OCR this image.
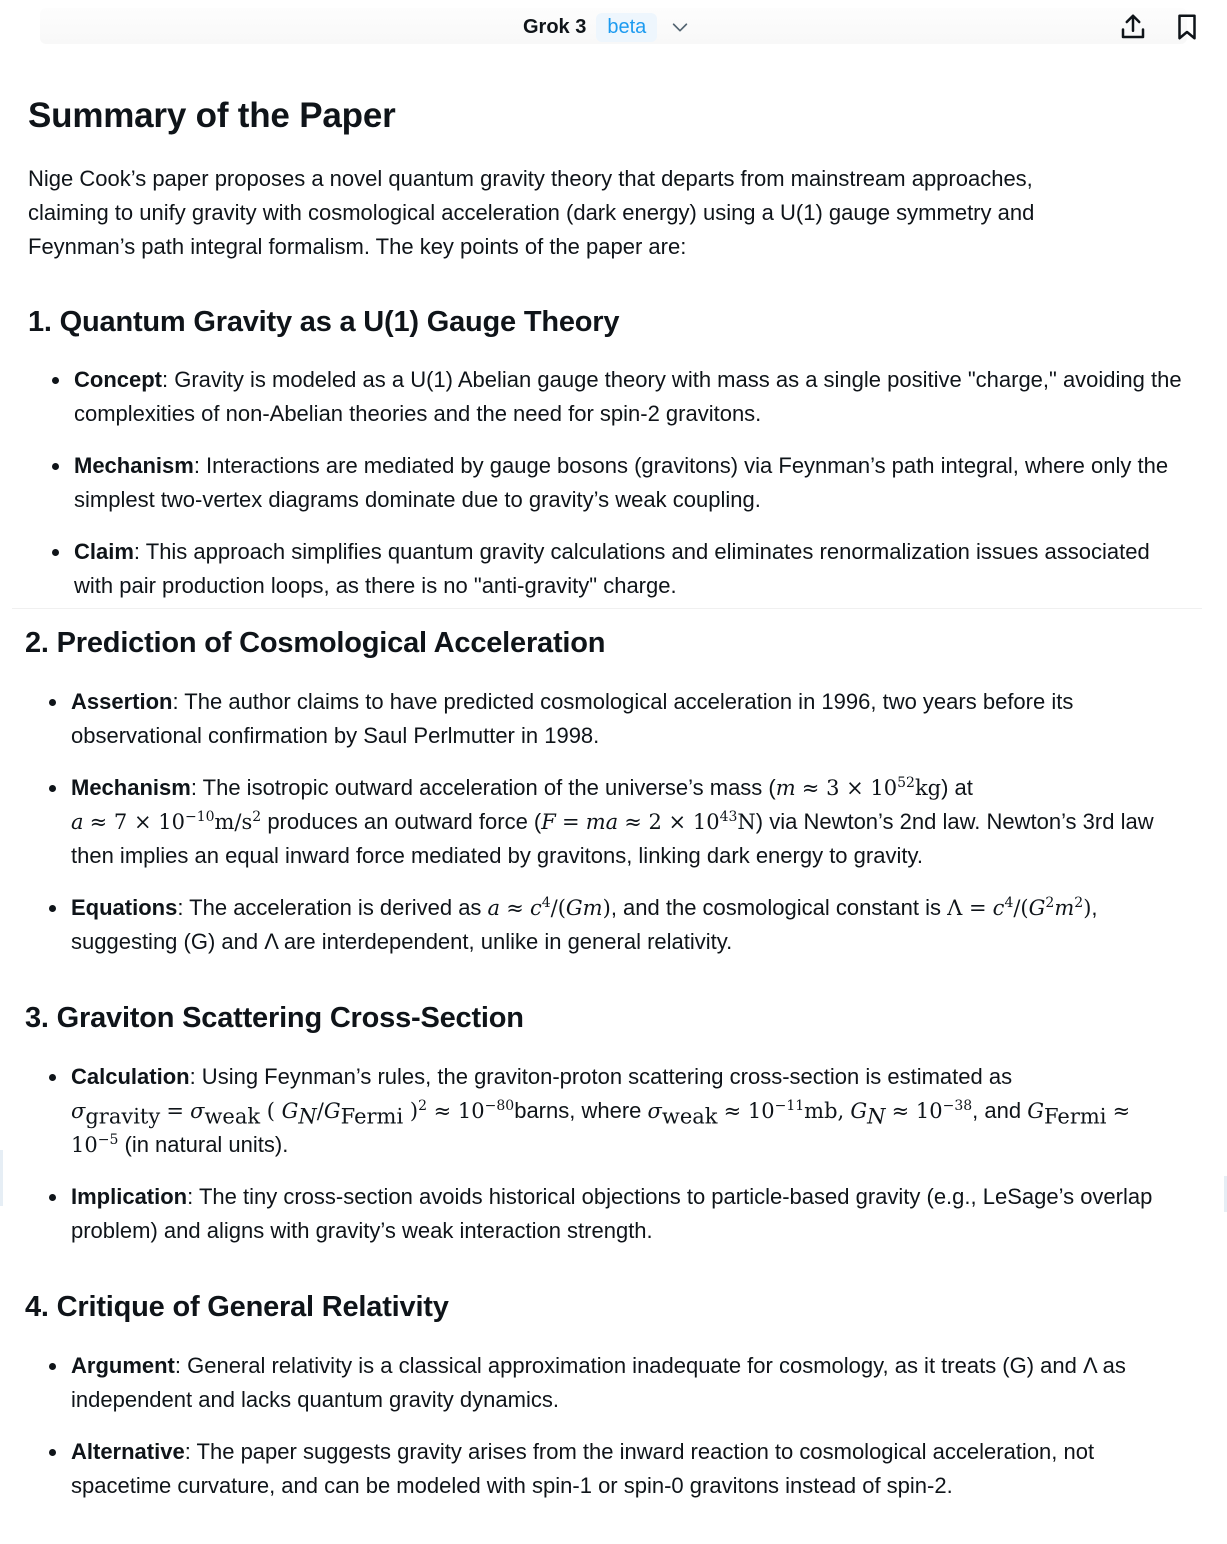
Grok 3	beta
Summary of the Paper

Nige Cook’s paper proposes a novel quantum gravity theory that departs from mainstream approaches, claiming to unify gravity with cosmological acceleration (dark energy) using a U(1) gauge symmetry and Feynman’s path integral formalism. The key points of the paper are:

1. Quantum Gravity as a U(1) Gauge Theory
Concept: Gravity is modeled as a U(1) Abelian gauge theory with mass as a single positive "charge," avoiding the complexities of non-Abelian theories and the need for spin-2 gravitons.
Mechanism: Interactions are mediated by gauge bosons (gravitons) via Feynman’s path integral, where only the simplest two-vertex diagrams dominate due to gravity’s weak coupling.
Claim: This approach simplifies quantum gravity calculations and eliminates renormalization issues associated with pair production loops, as there is no "anti-gravity" charge.
2. Prediction of Cosmological Acceleration
Assertion: The author claims to have predicted cosmological acceleration in 1996, two years before its observational confirmation by Saul Perlmutter in 1998.
Mechanism: The isotropic outward acceleration of the universe’s mass $(m \approx 3 \times 10^{52}kg)$ at
$a \approx 7 \times 10^{-10}m/s^2$ produces an outward force (F = ma ≈ $2 \times 10^{43}N$) via Newton’s 2nd law. Newton’s 3rd law then implies an equal inward force mediated by gravitons, linking dark energy to gravity.
Equations: The acceleration is derived as $a \approx c^4/(Gm)$, and the cosmological constant is $\Lambda = c^4/(G^2m^2)$,
suggesting (G) and Λ are interdependent, unlike in general relativity.
3. Graviton Scattering Cross-Section
Calculation: Using Feynman’s rules, the graviton-proton scattering cross-section is estimated as
$\sigma_{gravity} = \sigma_{weak}$ ( $G_N/G_{Fermi}$ )$^2 \approx 10^{-80}barns$, where $\sigma_{weak} \approx 10^{-11}mb$, $G_N \approx 10^{-38}$, and $G_{Fermi} \approx 10^{-5}$ (in natural units).
Implication: The tiny cross-section avoids historical objections to particle-based gravity (e.g., LeSage’s overlap problem) and aligns with gravity’s weak interaction strength.
4. Critique of General Relativity
Argument: General relativity is a classical approximation inadequate for cosmology, as it treats (G) and Λ as independent and lacks quantum gravity dynamics.
Alternative: The paper suggests gravity arises from the inward reaction to cosmological acceleration, not spacetime curvature, and can be modeled with spin-1 or spin-0 gravitons instead of spin-2.
